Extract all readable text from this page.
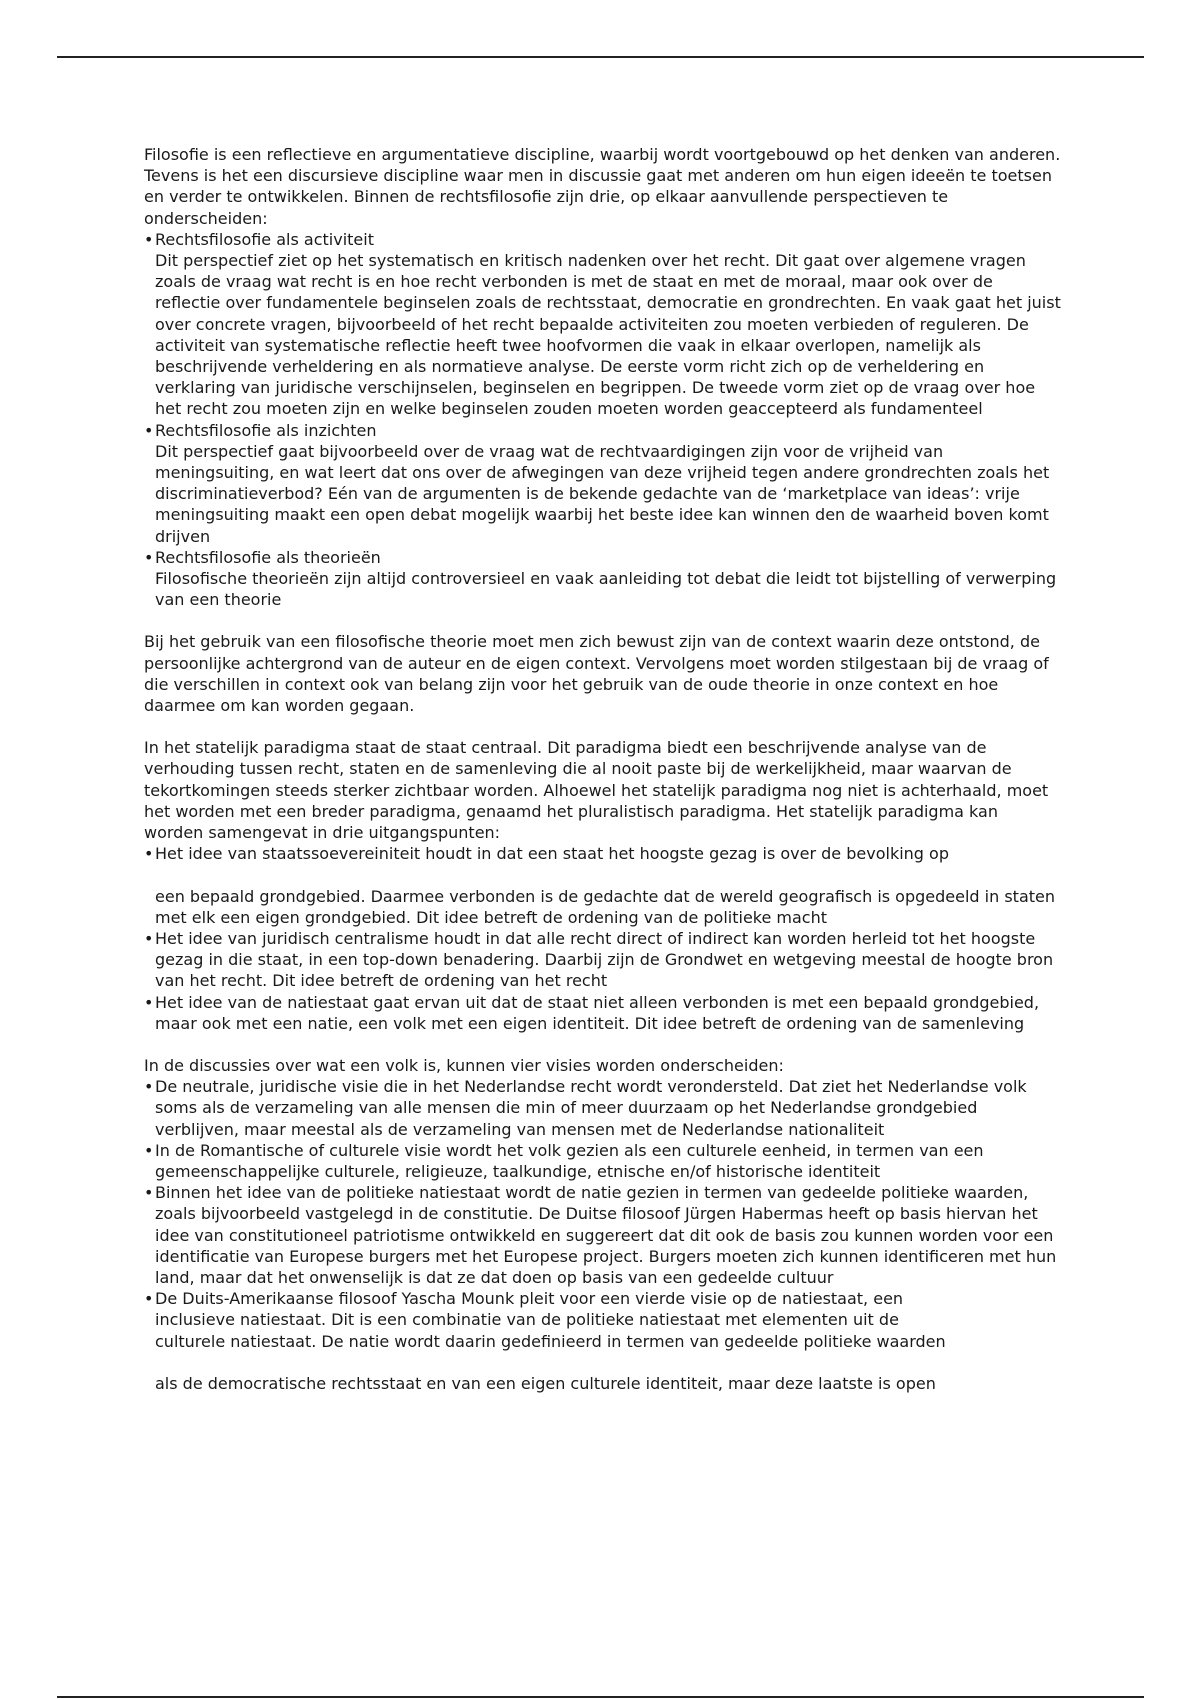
Filosofie is een reflectieve en argumentatieve discipline, waarbij wordt voortgebouwd op het denken van anderen. Tevens is het een discursieve discipline waar men in discussie gaat met anderen om hun eigen ideeën te toetsen en verder te ontwikkelen. Binnen de rechtsfilosofie zijn drie, op elkaar aanvullende perspectieven te onderscheiden:

• Rechtsfilosofie als activiteit

Dit perspectief ziet op het systematisch en kritisch nadenken over het recht. Dit gaat over algemene vragen zoals de vraag wat recht is en hoe recht verbonden is met de staat en met de moraal, maar ook over de reflectie over fundamentele beginselen zoals de rechtsstaat, democratie en grondrechten. En vaak gaat het juist over concrete vragen, bijvoorbeeld of het recht bepaalde activiteiten zou moeten verbieden of reguleren. De activiteit van systematische reflectie heeft twee hoofvormen die vaak in elkaar overlopen, namelijk als beschrijvende verheldering en als normatieve analyse. De eerste vorm richt zich op de verheldering en verklaring van juridische verschijnselen, beginselen en begrippen. De tweede vorm ziet op de vraag over hoe het recht zou moeten zijn en welke beginselen zouden moeten worden geaccepteerd als fundamenteel

• Rechtsfilosofie als inzichten

Dit perspectief gaat bijvoorbeeld over de vraag wat de rechtvaardigingen zijn voor de vrijheid van meningsuiting, en wat leert dat ons over de afwegingen van deze vrijheid tegen andere grondrechten zoals het discriminatieverbod? Eén van de argumenten is de bekende gedachte van de ‘marketplace van ideas’: vrije meningsuiting maakt een open debat mogelijk waarbij het beste idee kan winnen den de waarheid boven komt drijven

• Rechtsfilosofie als theorieën

Filosofische theorieën zijn altijd controversieel en vaak aanleiding tot debat die leidt tot bijstelling of verwerping van een theorie

Bij het gebruik van een filosofische theorie moet men zich bewust zijn van de context waarin deze ontstond, de persoonlijke achtergrond van de auteur en de eigen context. Vervolgens moet worden stilgestaan bij de vraag of die verschillen in context ook van belang zijn voor het gebruik van de oude theorie in onze context en hoe daarmee om kan worden gegaan.

In het statelijk paradigma staat de staat centraal. Dit paradigma biedt een beschrijvende analyse van de verhouding tussen recht, staten en de samenleving die al nooit paste bij de werkelijkheid, maar waarvan de tekortkomingen steeds sterker zichtbaar worden. Alhoewel het statelijk paradigma nog niet is achterhaald, moet het worden met een breder paradigma, genaamd het pluralistisch paradigma. Het statelijk paradigma kan worden samengevat in drie uitgangspunten:

• Het idee van staatssoevereiniteit houdt in dat een staat het hoogste gezag is over de bevolking op

een bepaald grondgebied. Daarmee verbonden is de gedachte dat de wereld geografisch is opgedeeld in staten met elk een eigen grondgebied. Dit idee betreft de ordening van de politieke macht

• Het idee van juridisch centralisme houdt in dat alle recht direct of indirect kan worden herleid tot het hoogste gezag in die staat, in een top-down benadering. Daarbij zijn de Grondwet en wetgeving meestal de hoogte bron van het recht. Dit idee betreft de ordening van het recht
• Het idee van de natiestaat gaat ervan uit dat de staat niet alleen verbonden is met een bepaald grondgebied, maar ook met een natie, een volk met een eigen identiteit. Dit idee betreft de ordening van de samenleving

In de discussies over wat een volk is, kunnen vier visies worden onderscheiden:

• De neutrale, juridische visie die in het Nederlandse recht wordt verondersteld. Dat ziet het Nederlandse volk soms als de verzameling van alle mensen die min of meer duurzaam op het Nederlandse grondgebied verblijven, maar meestal als de verzameling van mensen met de Nederlandse nationaliteit
• In de Romantische of culturele visie wordt het volk gezien als een culturele eenheid, in termen van een gemeenschappelijke culturele, religieuze, taalkundige, etnische en/of historische identiteit
• Binnen het idee van de politieke natiestaat wordt de natie gezien in termen van gedeelde politieke waarden, zoals bijvoorbeeld vastgelegd in de constitutie. De Duitse filosoof Jürgen Habermas heeft op basis hiervan het idee van constitutioneel patriotisme ontwikkeld en suggereert dat dit ook de basis zou kunnen worden voor een identificatie van Europese burgers met het Europese project. Burgers moeten zich kunnen identificeren met hun land, maar dat het onwenselijk is dat ze dat doen op basis van een gedeelde cultuur
• De Duits-Amerikaanse filosoof Yascha Mounk pleit voor een vierde visie op de natiestaat, een
inclusieve natiestaat. Dit is een combinatie van de politieke natiestaat met elementen uit de
culturele natiestaat. De natie wordt daarin gedefinieerd in termen van gedeelde politieke waarden
als de democratische rechtsstaat en van een eigen culturele identiteit, maar deze laatste is open
